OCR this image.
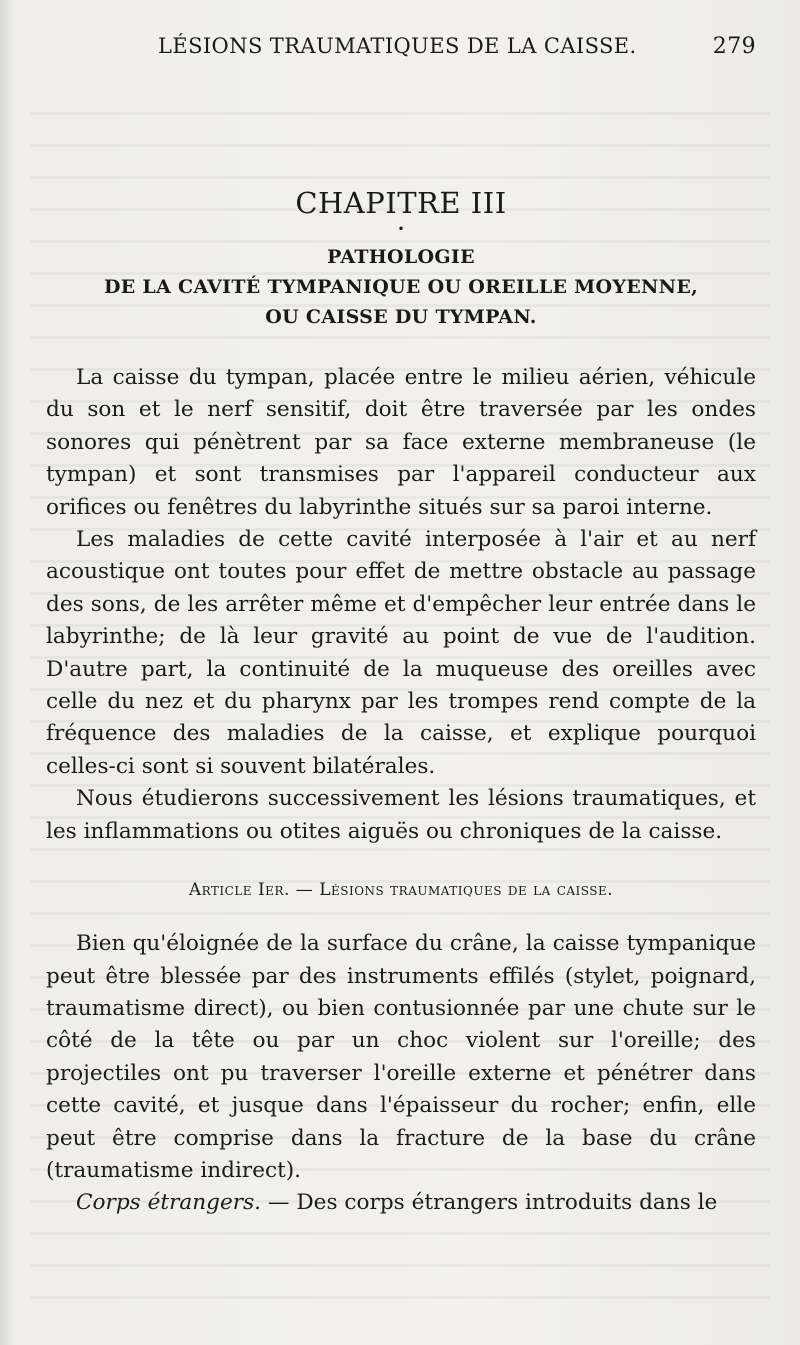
LÉSIONS TRAUMATIQUES DE LA CAISSE.	279
CHAPITRE III
•
PATHOLOGIE
DE LA CAVITÉ TYMPANIQUE OU OREILLE MOYENNE,
OU CAISSE DU TYMPAN.

La caisse du tympan, placée entre le milieu aérien, véhicule du son et le nerf sensitif, doit être traversée par les ondes sonores qui pénètrent par sa face externe membraneuse (le tympan) et sont transmises par l'appareil conducteur aux orifices ou fenêtres du labyrinthe situés sur sa paroi interne.

Les maladies de cette cavité interposée à l'air et au nerf acoustique ont toutes pour effet de mettre obstacle au passage des sons, de les arrêter même et d'empêcher leur entrée dans le labyrinthe; de là leur gravité au point de vue de l'audition. D'autre part, la continuité de la muqueuse des oreilles avec celle du nez et du pharynx par les trompes rend compte de la fréquence des maladies de la caisse, et explique pourquoi celles-ci sont si souvent bilatérales.

Nous étudierons successivement les lésions traumatiques, et les inflammations ou otites aiguës ou chroniques de la caisse.

Article Ier. — Lésions traumatiques de la caisse.

Bien qu'éloignée de la surface du crâne, la caisse tympanique peut être blessée par des instruments effilés (stylet, poignard, traumatisme direct), ou bien contusionnée par une chute sur le côté de la tête ou par un choc violent sur l'oreille; des projectiles ont pu traverser l'oreille externe et pénétrer dans cette cavité, et jusque dans l'épaisseur du rocher; enfin, elle peut être comprise dans la fracture de la base du crâne (traumatisme indirect).

Corps étrangers. — Des corps étrangers introduits dans le
